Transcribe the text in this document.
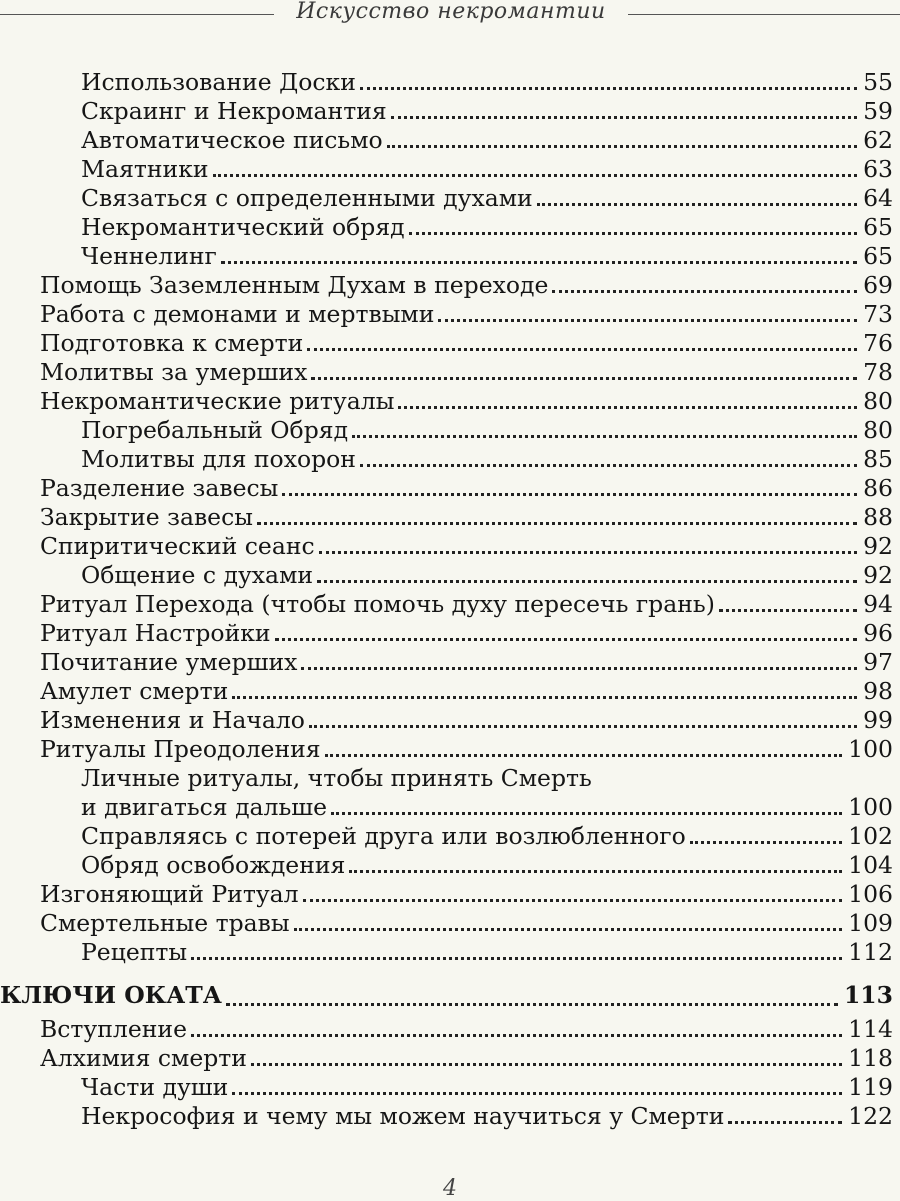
Искусство некромантии
Использование Доски	55
Скраинг и Некромантия	59
Автоматическое письмо	62
Маятники	63
Связаться с определенными духами	64
Некромантический обряд	65
Ченнелинг	65
Помощь Заземленным Духам в переходе	69
Работа с демонами и мертвыми	73
Подготовка к смерти	76
Молитвы за умерших	78
Некромантические ритуалы	80
Погребальный Обряд	80
Молитвы для похорон	85
Разделение завесы	86
Закрытие завесы	88
Спиритический сеанс	92
Общение с духами	92
Ритуал Перехода (чтобы помочь духу пересечь грань)	94
Ритуал Настройки	96
Почитание умерших	97
Амулет смерти	98
Изменения и Начало	99
Ритуалы Преодоления	100
Личные ритуалы, чтобы принять Смерть
и двигаться дальше	100
Справляясь с потерей друга или возлюбленного	102
Обряд освобождения	104
Изгоняющий Ритуал	106
Смертельные травы	109
Рецепты	112
КЛЮЧИ ОКАТА	113
Вступление	114
Алхимия смерти	118
Части души	119
Некрософия и чему мы можем научиться у Смерти	122
4
